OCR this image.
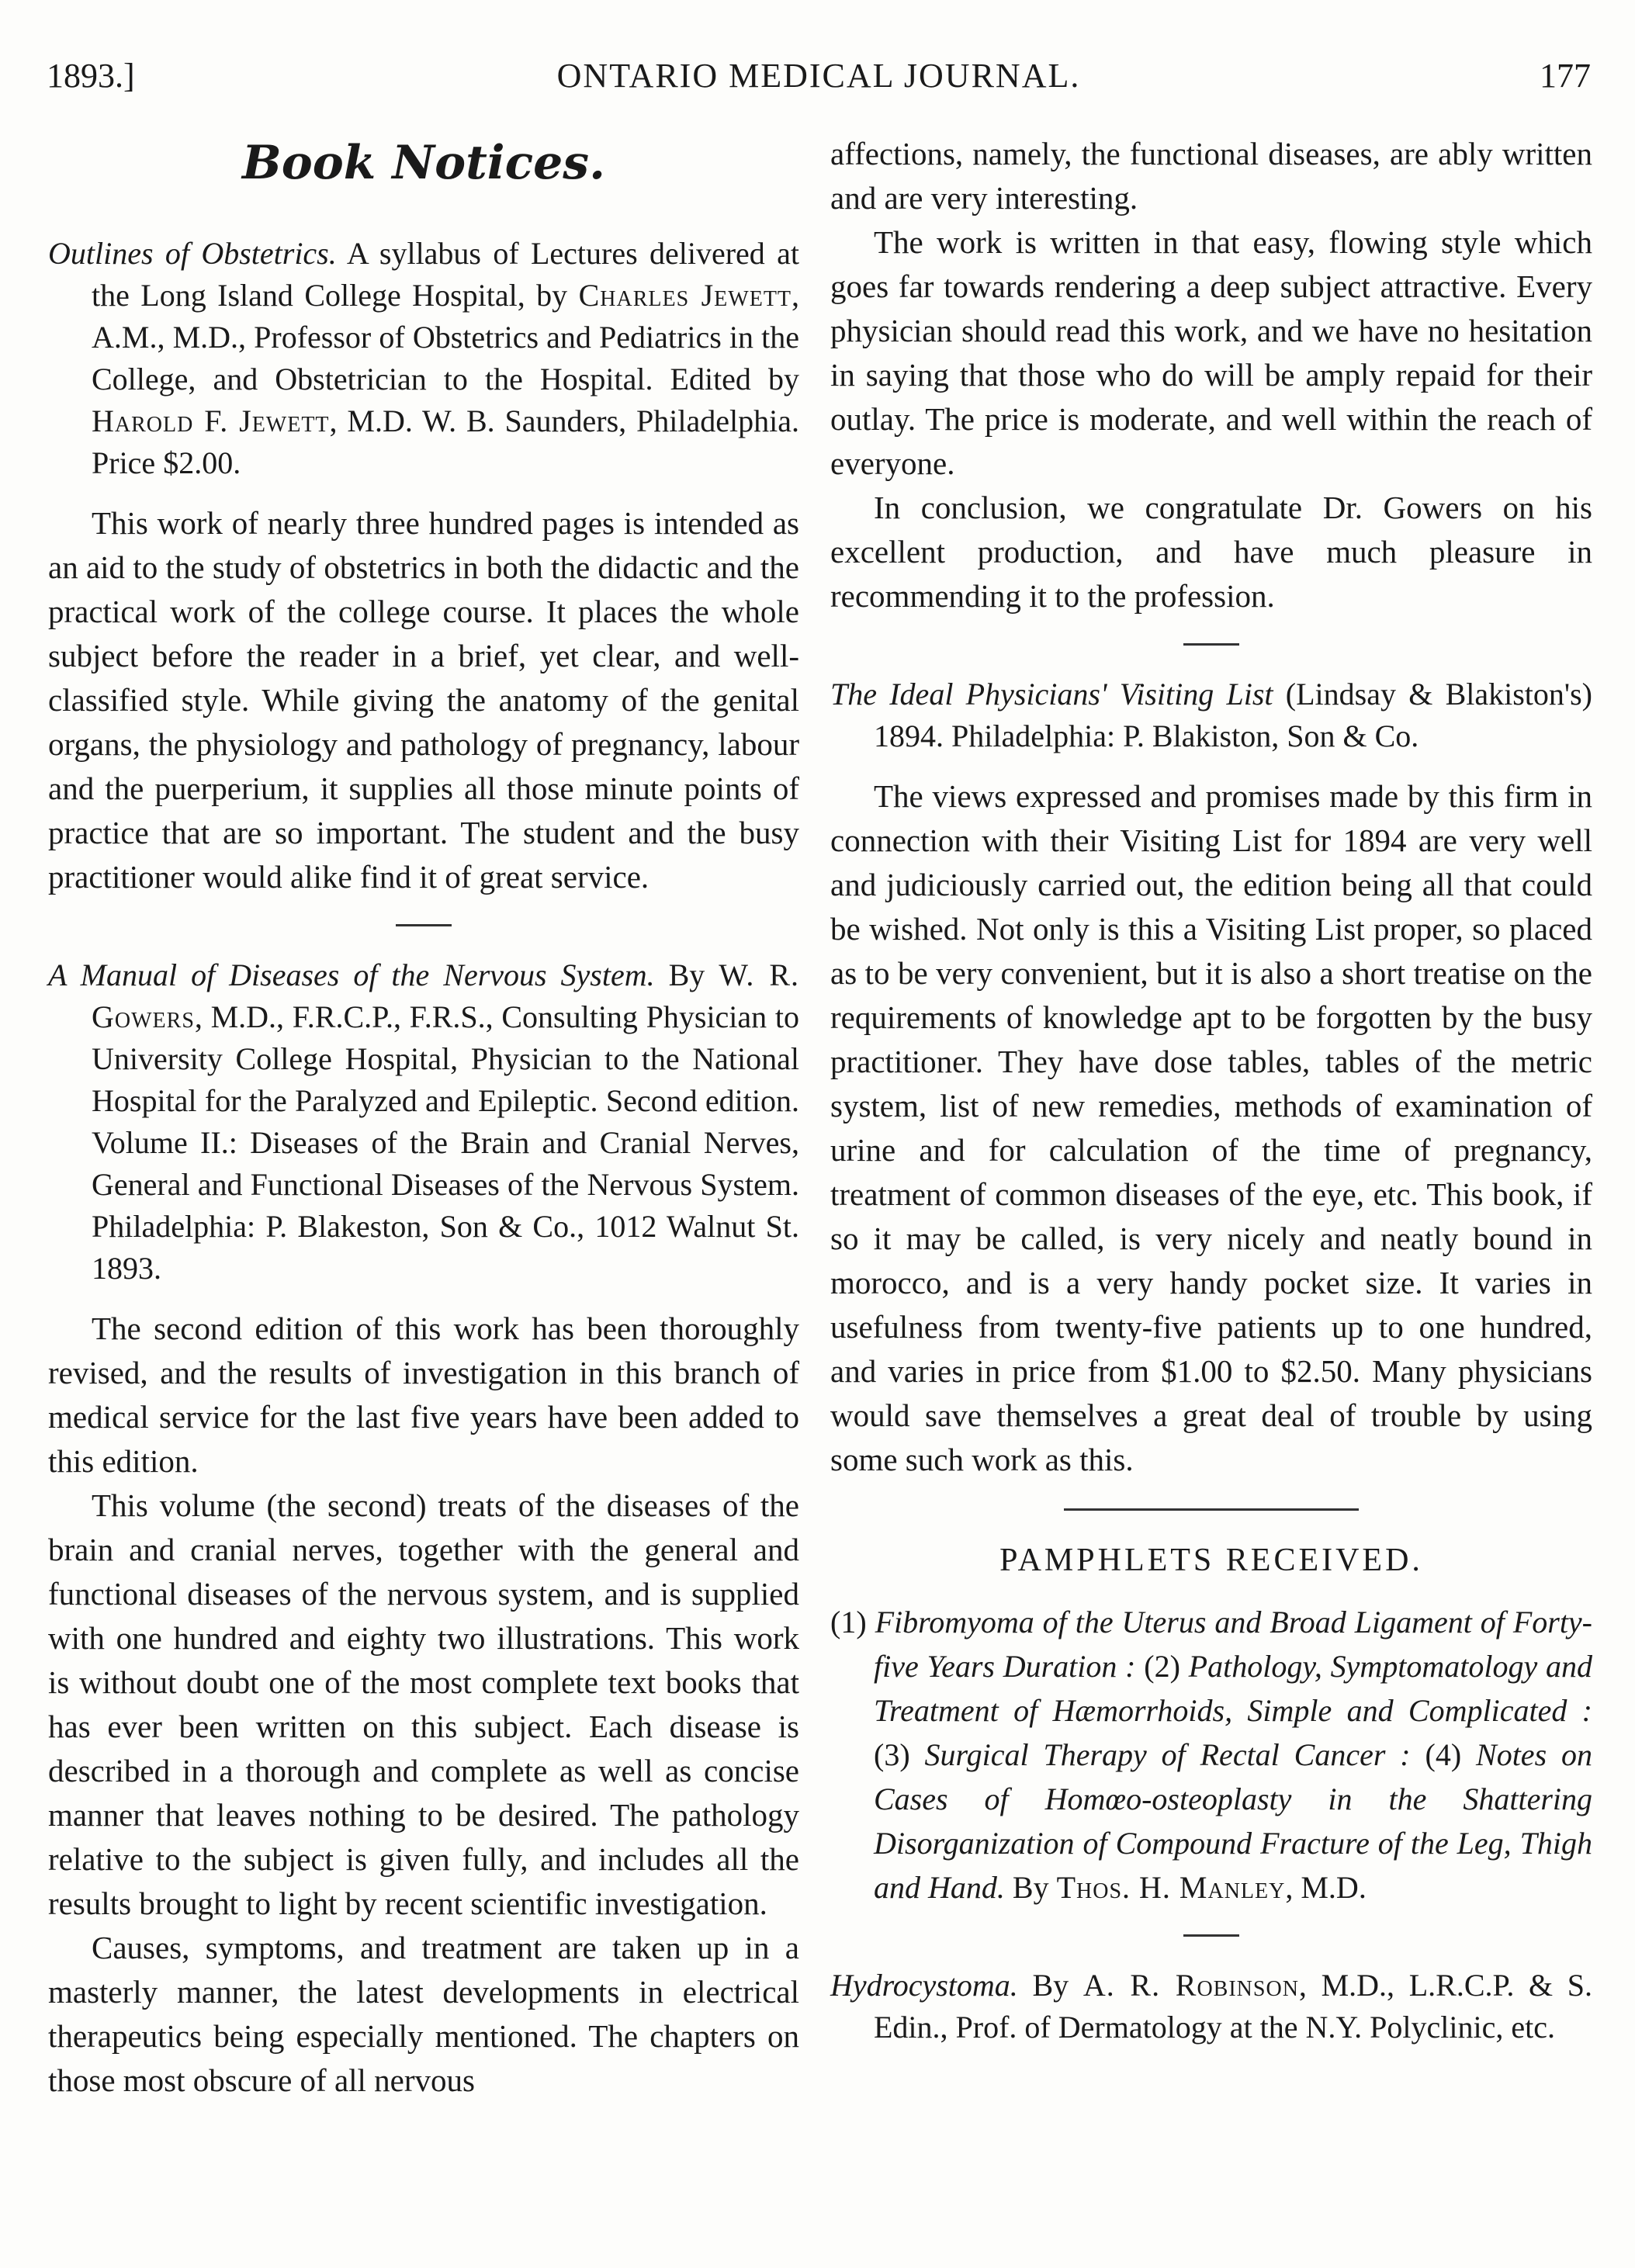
1893.]	ONTARIO MEDICAL JOURNAL.	177
Book Notices.
Outlines of Obstetrics. A syllabus of Lectures delivered at the Long Island College Hospital, by Charles Jewett, A.M., M.D., Professor of Obstetrics and Pediatrics in the College, and Obstetrician to the Hospital. Edited by Harold F. Jewett, M.D. W. B. Saunders, Philadelphia. Price $2.00.

This work of nearly three hundred pages is intended as an aid to the study of obstetrics in both the didactic and the practical work of the college course. It places the whole subject before the reader in a brief, yet clear, and well-classified style. While giving the anatomy of the genital organs, the physiology and pathology of pregnancy, labour and the puerperium, it supplies all those minute points of practice that are so important. The student and the busy practitioner would alike find it of great service.

A Manual of Diseases of the Nervous System. By W. R. Gowers, M.D., F.R.C.P., F.R.S., Consulting Physician to University College Hospital, Physician to the National Hospital for the Paralyzed and Epileptic. Second edition. Volume II.: Diseases of the Brain and Cranial Nerves, General and Functional Diseases of the Nervous System. Philadelphia: P. Blakeston, Son & Co., 1012 Walnut St. 1893.

The second edition of this work has been thoroughly revised, and the results of investigation in this branch of medical service for the last five years have been added to this edition.

This volume (the second) treats of the diseases of the brain and cranial nerves, together with the general and functional diseases of the nervous system, and is supplied with one hundred and eighty two illustrations. This work is without doubt one of the most complete text books that has ever been written on this subject. Each disease is described in a thorough and complete as well as concise manner that leaves nothing to be desired. The pathology relative to the subject is given fully, and includes all the results brought to light by recent scientific investigation.

Causes, symptoms, and treatment are taken up in a masterly manner, the latest developments in electrical therapeutics being especially mentioned. The chapters on those most obscure of all nervous

affections, namely, the functional diseases, are ably written and are very interesting.

The work is written in that easy, flowing style which goes far towards rendering a deep subject attractive. Every physician should read this work, and we have no hesitation in saying that those who do will be amply repaid for their outlay. The price is moderate, and well within the reach of everyone.

In conclusion, we congratulate Dr. Gowers on his excellent production, and have much pleasure in recommending it to the profession.

The Ideal Physicians' Visiting List (Lindsay & Blakiston's) 1894. Philadelphia: P. Blakiston, Son & Co.

The views expressed and promises made by this firm in connection with their Visiting List for 1894 are very well and judiciously carried out, the edition being all that could be wished. Not only is this a Visiting List proper, so placed as to be very convenient, but it is also a short treatise on the requirements of knowledge apt to be forgotten by the busy practitioner. They have dose tables, tables of the metric system, list of new remedies, methods of examination of urine and for calculation of the time of pregnancy, treatment of common diseases of the eye, etc. This book, if so it may be called, is very nicely and neatly bound in morocco, and is a very handy pocket size. It varies in usefulness from twenty-five patients up to one hundred, and varies in price from $1.00 to $2.50. Many physicians would save themselves a great deal of trouble by using some such work as this.

PAMPHLETS RECEIVED.

(1) Fibromyoma of the Uterus and Broad Ligament of Forty-five Years Duration : (2) Pathology, Symptomatology and Treatment of Hæmorrhoids, Simple and Complicated : (3) Surgical Therapy of Rectal Cancer : (4) Notes on Cases of Homœo-osteoplasty in the Shattering Disorganization of Compound Fracture of the Leg, Thigh and Hand. By Thos. H. Manley, M.D.

Hydrocystoma. By A. R. Robinson, M.D., L.R.C.P. & S. Edin., Prof. of Dermatology at the N.Y. Polyclinic, etc.
